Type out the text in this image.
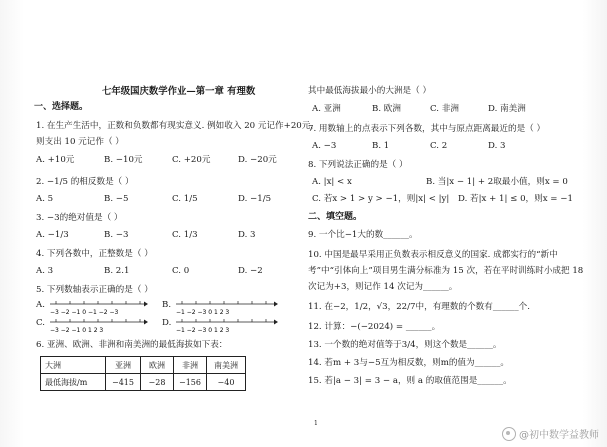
七年级国庆数学作业—第一章 有理数
一、选择题。
1. 在生产生活中，正数和负数都有现实意义. 例如收入 20 元记作+20元，
则支出 10 元记作（ ）
A. +10元	B. −10元	C. +20元	D. −20元
2. −1/5 的相反数是（ ）
A. 5	B. −5	C. 1/5	D. −1/5
3. −3的绝对值是（ ）
A. −1/3	B. −3	C. 1/3	D. 3
4. 下列各数中，正整数是（ ）
A. 3	B. 2.1	C. 0	D. −2
5. 下列数轴表示正确的是（ ）
A.
−3 −2 −1 0 −1 −2 −3
B.
−1 −2 −3 0 1 2 3
C.
−3 −2 −1 0 1 2 3
D.
−1 −2 −3 0 1 2 3
6. 亚洲、欧洲、非洲和南美洲的最低海拔如下表：
大洲	亚洲	欧洲	非洲	南美洲
最低海拔/m	−415	−28	−156	−40
其中最低海拔最小的大洲是（ ）
A. 亚洲	B. 欧洲	C. 非洲	D. 南美洲
7. 用数轴上的点表示下列各数，其中与原点距离最近的是（ ）
A. −3	B. 1	C. 2	D. 3
8. 下列说法正确的是（ ）
A. |x| < x	B. 当|x − 1| + 2取最小值，则x = 0
C. 若x > 1 > y > −1，则|x| < |y| D. 若|x + 1| ≤ 0，则x = −1
二、填空题。
9. 一个比−1大的数______。
10. 中国是最早采用正负数表示相反意义的国家. 成都实行的“新中
考”中“引体向上”项目男生满分标准为 15 次，若在平时训练时小成把 18
次记为+3，则记作 14 次记为______。
11. 在−2，1/2，√3，22/7中，有理数的个数有______个.
12. 计算：−(−2024) = ______。
13. 一个数的绝对值等于3/4，则这个数是______。
14. 若m + 3与−5互为相反数，则m的值为______。
15. 若|a − 3| = 3 − a，则 a 的取值范围是______。
1
@初中数学益教师
